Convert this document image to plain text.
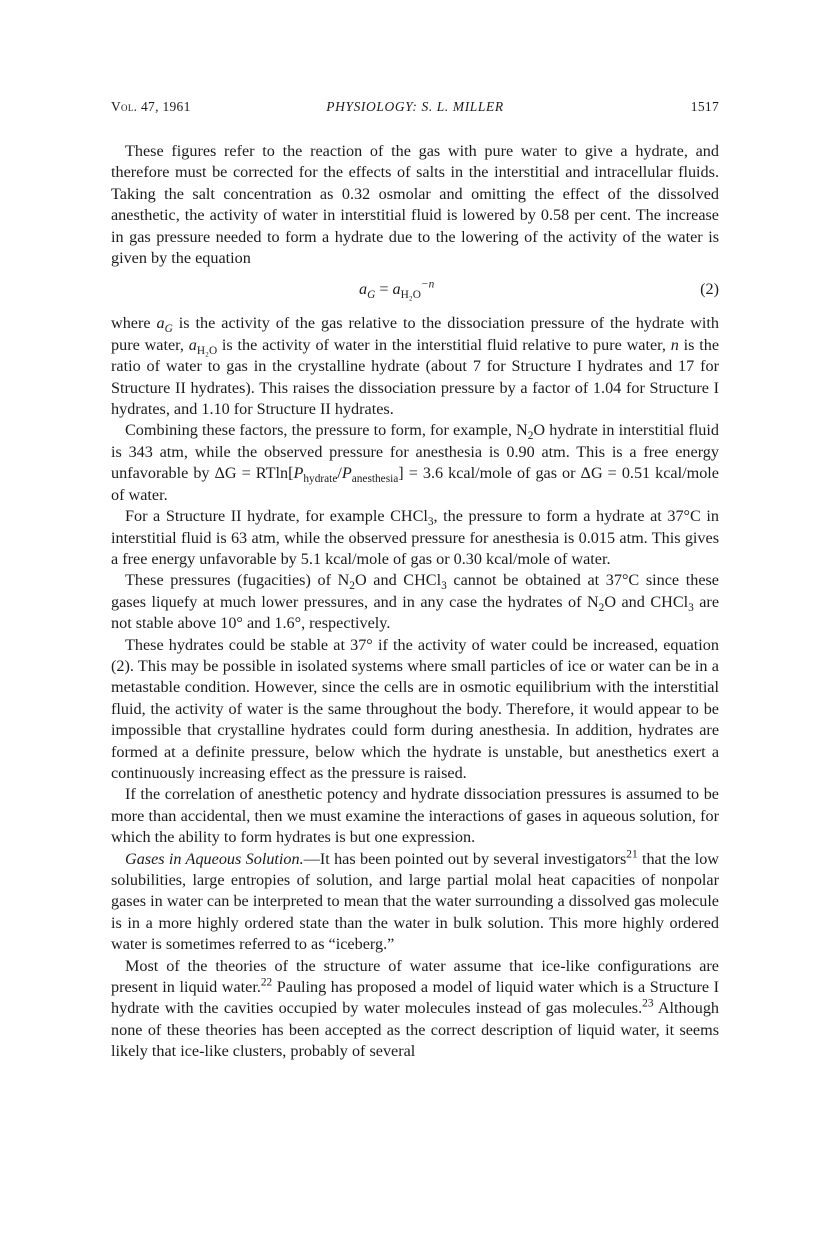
Vol. 47, 1961	PHYSIOLOGY: S. L. MILLER	1517

These figures refer to the reaction of the gas with pure water to give a hydrate, and therefore must be corrected for the effects of salts in the interstitial and intracellular fluids. Taking the salt concentration as 0.32 osmolar and omitting the effect of the dissolved anesthetic, the activity of water in interstitial fluid is lowered by 0.58 per cent. The increase in gas pressure needed to form a hydrate due to the lowering of the activity of the water is given by the equation

$a_G = a_{H_2O}^{-n}$	(2)

where $a_G$ is the activity of the gas relative to the dissociation pressure of the hydrate with pure water, $a_{H_2O}$ is the activity of water in the interstitial fluid relative to pure water, n is the ratio of water to gas in the crystalline hydrate (about 7 for Structure I hydrates and 17 for Structure II hydrates). This raises the dissociation pressure by a factor of 1.04 for Structure I hydrates, and 1.10 for Structure II hydrates.

Combining these factors, the pressure to form, for example, $N_2O$ hydrate in interstitial fluid is 343 atm, while the observed pressure for anesthesia is 0.90 atm. This is a free energy unfavorable by $\Delta G = RTln[P_{hydrate}/P_{anesthesia}] = 3.6$ kcal/mole of gas or ΔG = 0.51 kcal/mole of water.

For a Structure II hydrate, for example CHCl$_3$, the pressure to form a hydrate at 37°C in interstitial fluid is 63 atm, while the observed pressure for anesthesia is 0.015 atm. This gives a free energy unfavorable by 5.1 kcal/mole of gas or 0.30 kcal/mole of water.

These pressures (fugacities) of $N_2O$ and CHCl$_3$ cannot be obtained at 37°C since these gases liquefy at much lower pressures, and in any case the hydrates of $N_2O$ and CHCl$_3$ are not stable above 10° and 1.6°, respectively.

These hydrates could be stable at 37° if the activity of water could be increased, equation (2). This may be possible in isolated systems where small particles of ice or water can be in a metastable condition. However, since the cells are in osmotic equilibrium with the interstitial fluid, the activity of water is the same throughout the body. Therefore, it would appear to be impossible that crystalline hydrates could form during anesthesia. In addition, hydrates are formed at a definite pressure, below which the hydrate is unstable, but anesthetics exert a continuously increasing effect as the pressure is raised.

If the correlation of anesthetic potency and hydrate dissociation pressures is assumed to be more than accidental, then we must examine the interactions of gases in aqueous solution, for which the ability to form hydrates is but one expression.

Gases in Aqueous Solution.—It has been pointed out by several investigators$^{21}$ that the low solubilities, large entropies of solution, and large partial molal heat capacities of nonpolar gases in water can be interpreted to mean that the water surrounding a dissolved gas molecule is in a more highly ordered state than the water in bulk solution. This more highly ordered water is sometimes referred to as “iceberg.”

Most of the theories of the structure of water assume that ice-like configurations are present in liquid water.$^{22}$ Pauling has proposed a model of liquid water which is a Structure I hydrate with the cavities occupied by water molecules instead of gas molecules.$^{23}$ Although none of these theories has been accepted as the correct description of liquid water, it seems likely that ice-like clusters, probably of several
